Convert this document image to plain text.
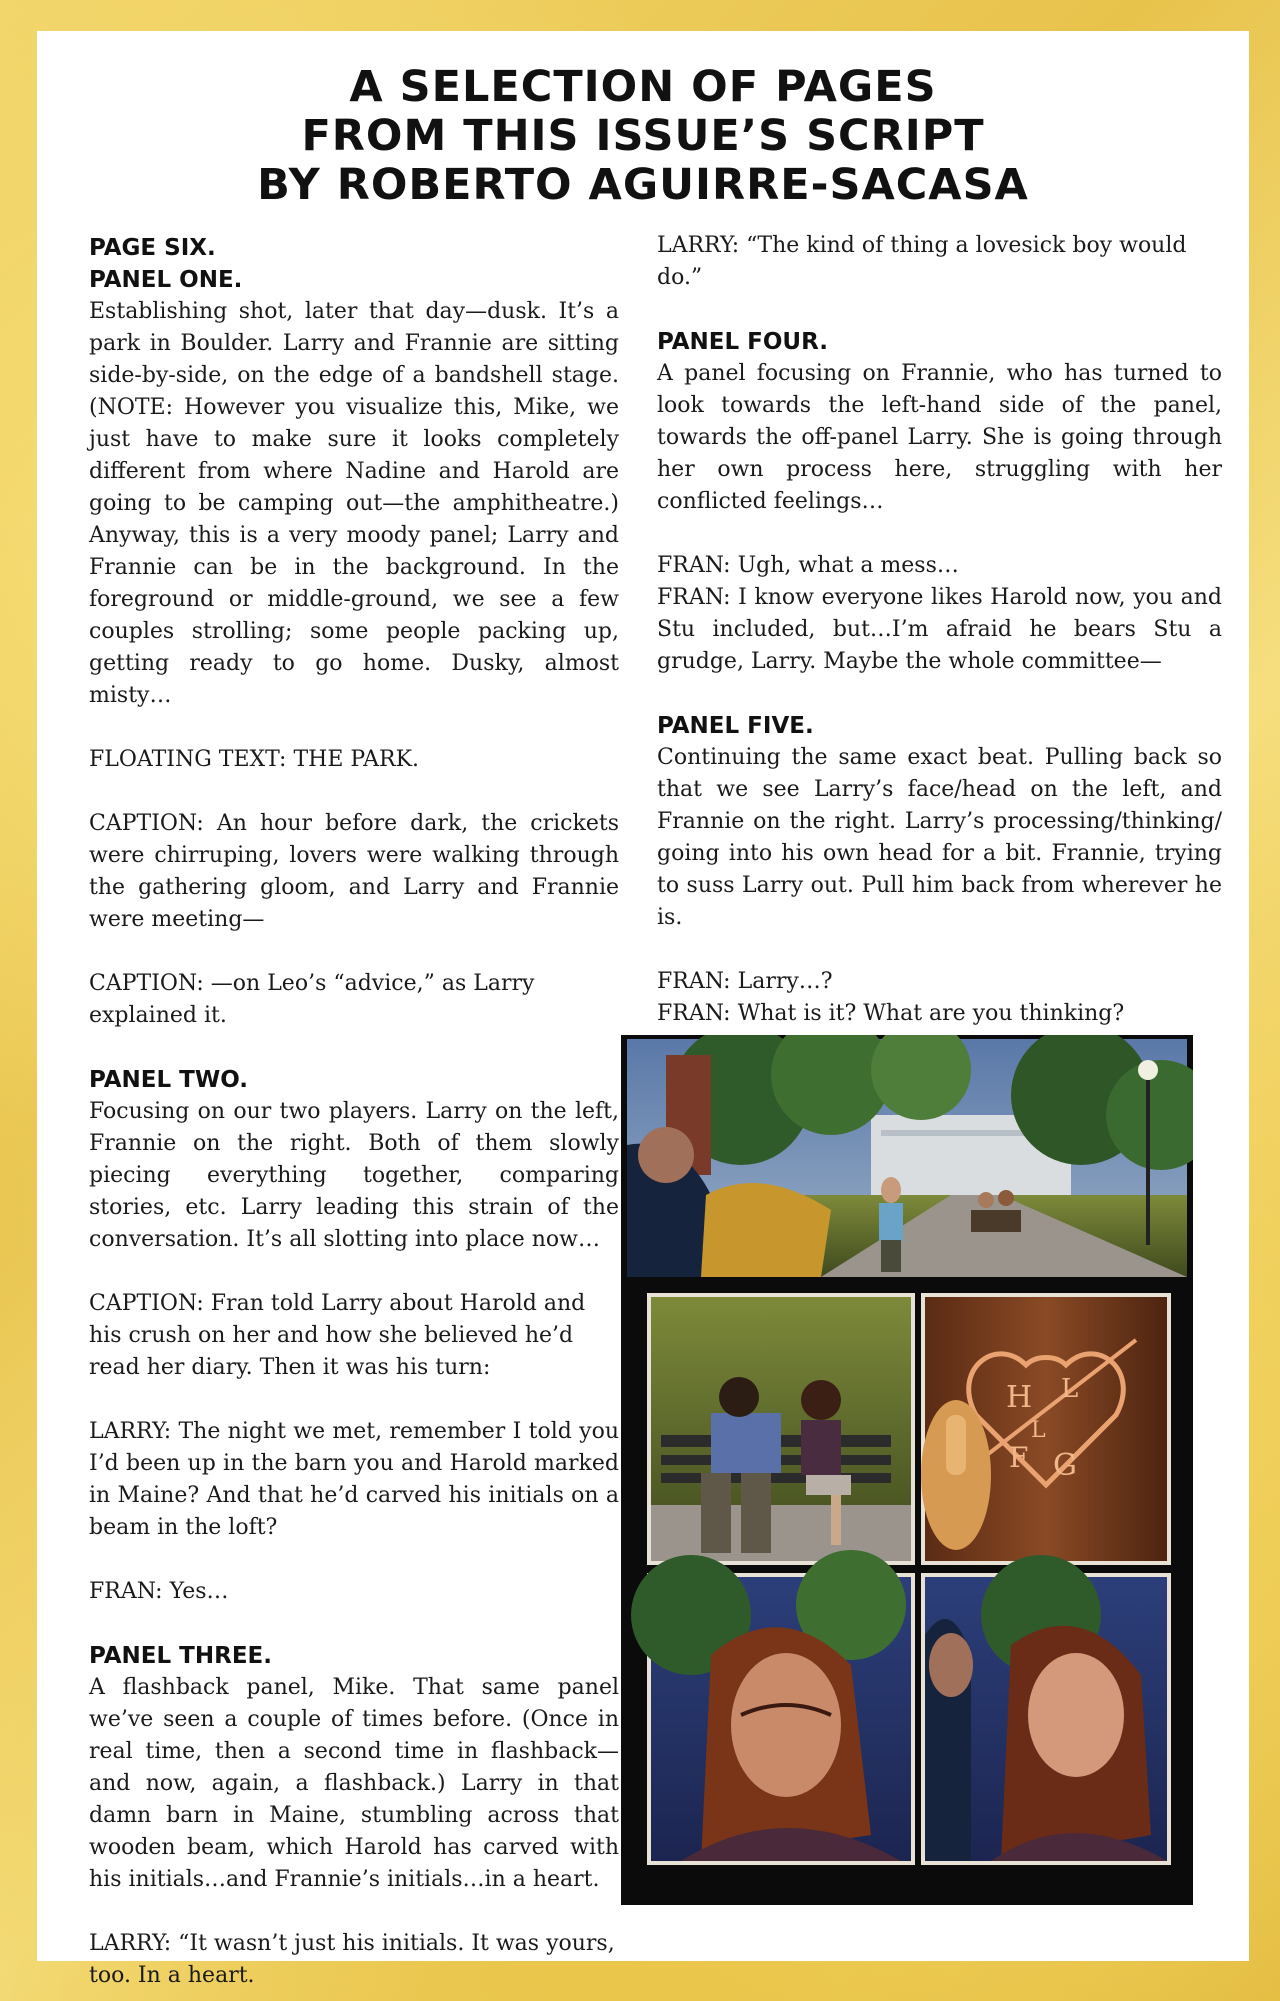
A SELECTION OF PAGES
FROM THIS ISSUE’S SCRIPT
BY ROBERTO AGUIRRE-SACASA
PAGE SIX.
PANEL ONE.

Establishing shot, later that day—dusk. It’s a park in Boulder. Larry and Frannie are sitting side-by-side, on the edge of a bandshell stage. (NOTE: However you visualize this, Mike, we just have to make sure it looks completely different from where Nadine and Harold are going to be camping out—the amphitheatre.) Anyway, this is a very moody panel; Larry and Frannie can be in the background. In the foreground or middle-ground, we see a few couples strolling; some people packing up, getting ready to go home. Dusky, almost misty…

FLOATING TEXT: THE PARK.

CAPTION: An hour before dark, the crickets were chirruping, lovers were walking through the gathering gloom, and Larry and Frannie were meeting—

CAPTION: —on Leo’s “advice,” as Larry explained it.

PANEL TWO.

Focusing on our two players. Larry on the left, Frannie on the right. Both of them slowly piecing everything together, comparing stories, etc. Larry leading this strain of the conversation. It’s all slotting into place now…

CAPTION: Fran told Larry about Harold and his crush on her and how she believed he’d read her diary. Then it was his turn:

LARRY: The night we met, remember I told you I’d been up in the barn you and Harold marked in Maine? And that he’d carved his initials on a beam in the loft?

FRAN: Yes…

PANEL THREE.

A flashback panel, Mike. That same panel we’ve seen a couple of times before. (Once in real time, then a second time in flashback—and now, again, a flashback.) Larry in that damn barn in Maine, stumbling across that wooden beam, which Harold has carved with his initials…and Frannie’s initials…in a heart.

LARRY: “It wasn’t just his initials. It was yours, too. In a heart.

LARRY: “The kind of thing a lovesick boy would do.”

PANEL FOUR.

A panel focusing on Frannie, who has turned to look towards the left-hand side of the panel, towards the off-panel Larry. She is going through her own process here, struggling with her conflicted feelings…

FRAN: Ugh, what a mess…

FRAN: I know everyone likes Harold now, you and Stu included, but…I’m afraid he bears Stu a grudge, Larry. Maybe the whole committee—

PANEL FIVE.

Continuing the same exact beat. Pulling back so that we see Larry’s face/head on the left, and Frannie on the right. Larry’s processing/thinking/ going into his own head for a bit. Frannie, trying to suss Larry out. Pull him back from wherever he is.

FRAN: Larry…?

FRAN: What is it? What are you thinking?

H L
L
F G
